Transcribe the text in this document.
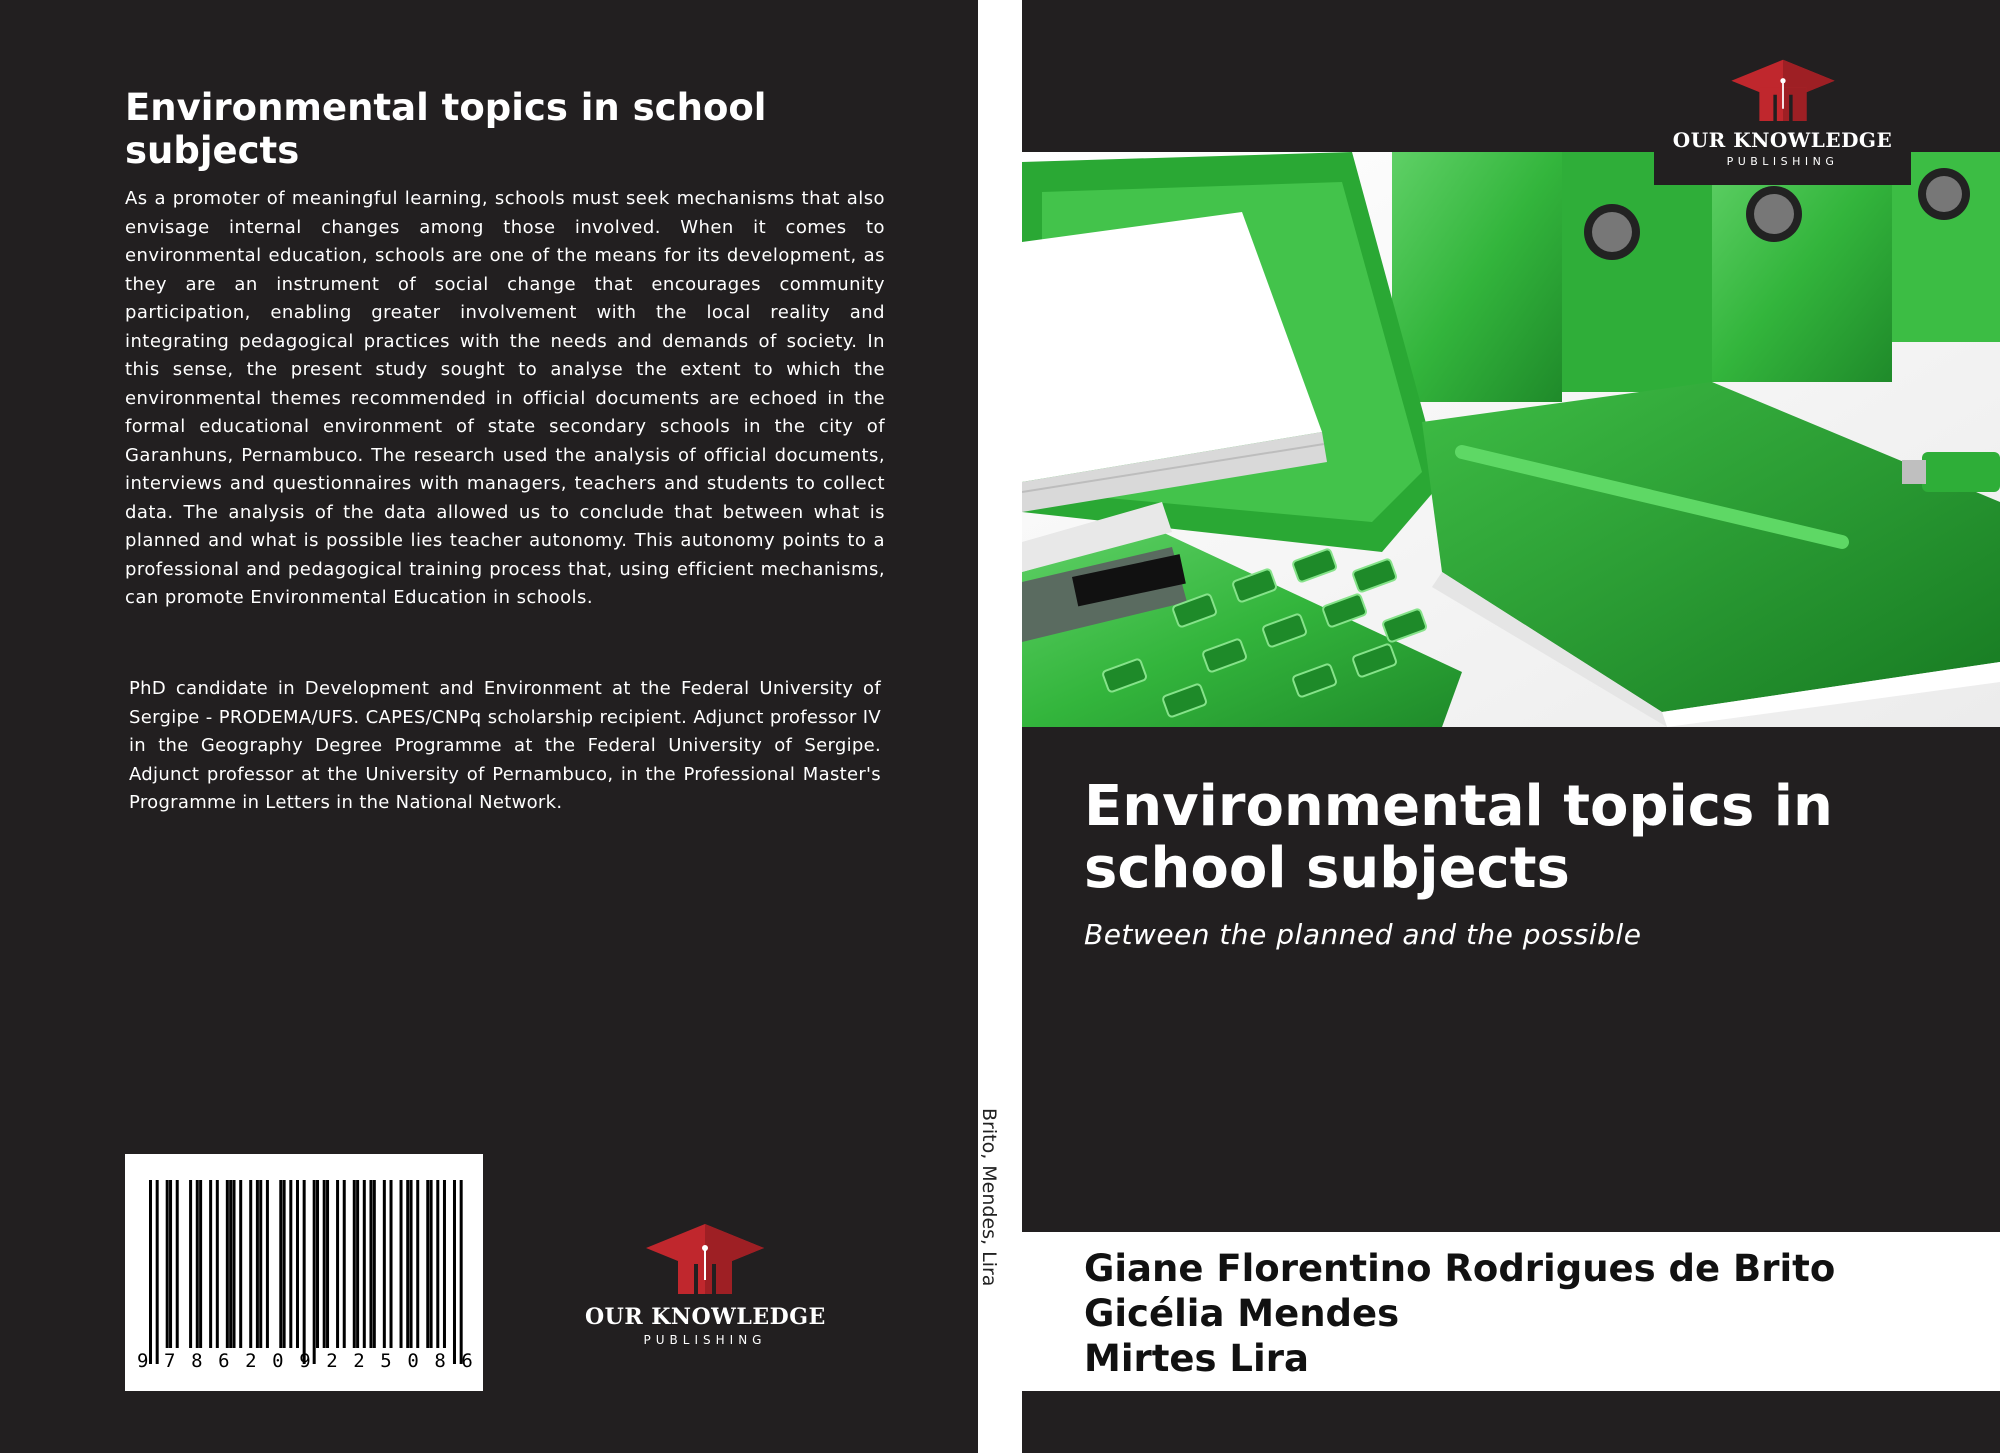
Environmental topics in school subjects

As a promoter of meaningful learning, schools must seek mechanisms that also envisage internal changes among those involved. When it comes to environmental education, schools are one of the means for its development, as they are an instrument of social change that encourages community participation, enabling greater involvement with the local reality and integrating pedagogical practices with the needs and demands of society. In this sense, the present study sought to analyse the extent to which the environmental themes recommended in official documents are echoed in the formal educational environment of state secondary schools in the city of Garanhuns, Pernambuco. The research used the analysis of official documents, interviews and questionnaires with managers, teachers and students to collect data. The analysis of the data allowed us to conclude that between what is planned and what is possible lies teacher autonomy. This autonomy points to a professional and pedagogical training process that, using efficient mechanisms, can promote Environmental Education in schools.

PhD candidate in Development and Environment at the Federal University of Sergipe - PRODEMA/UFS. CAPES/CNPq scholarship recipient. Adjunct professor IV in the Geography Degree Programme at the Federal University of Sergipe. Adjunct professor at the University of Pernambuco, in the Professional Master's Programme in Letters in the National Network.

9 7 8 6 2 0 9 2 2 5 0 8 6
OUR KNOWLEDGE
PUBLISHING
Brito, Mendes, Lira
OUR KNOWLEDGE
PUBLISHING
Environmental topics in school subjects

Between the planned and the possible

Giane Florentino Rodrigues de Brito
Gicélia Mendes
Mirtes Lira
